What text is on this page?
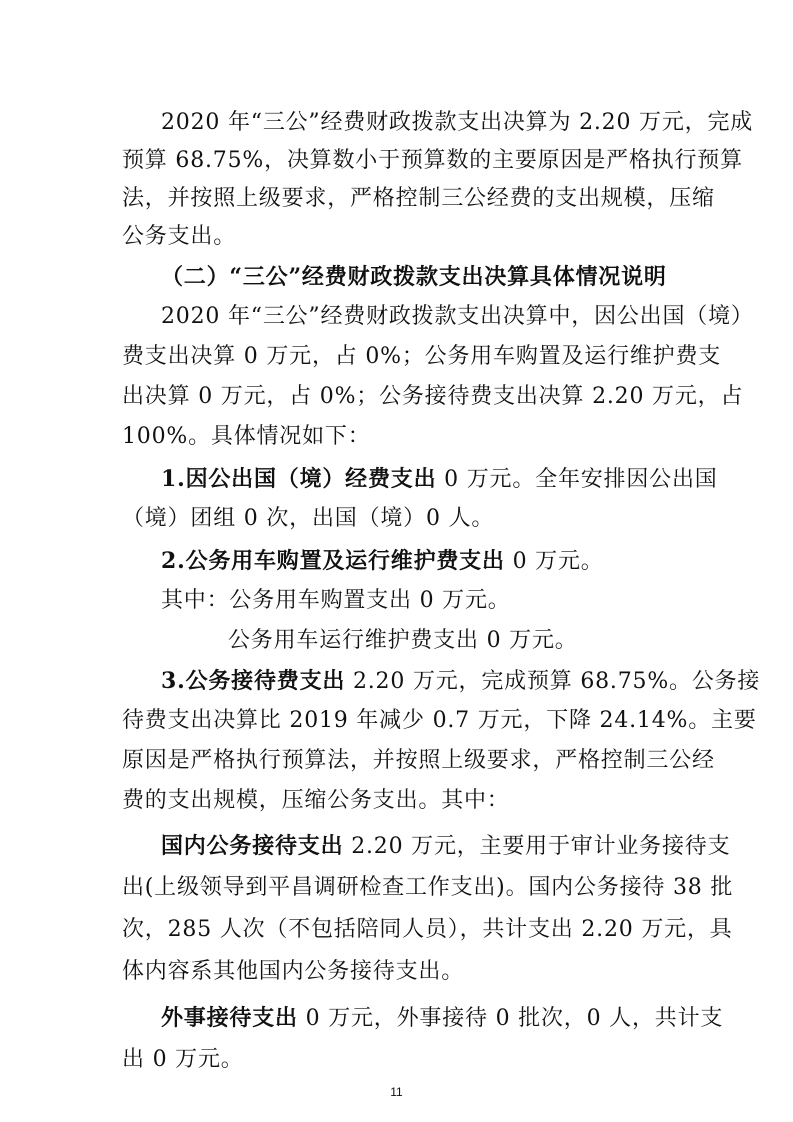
2020 年“三公”经费财政拨款支出决算为 2.20 万元，完成
预算 68.75%，决算数小于预算数的主要原因是严格执行预算
法，并按照上级要求，严格控制三公经费的支出规模，压缩
公务支出。
（二）“三公”经费财政拨款支出决算具体情况说明
2020 年“三公”经费财政拨款支出决算中，因公出国（境）
费支出决算 0 万元，占 0%；公务用车购置及运行维护费支
出决算 0 万元，占 0%；公务接待费支出决算 2.20 万元，占
100%。具体情况如下：
1.因公出国（境）经费支出 0 万元。全年安排因公出国
（境）团组 0 次，出国（境）0 人。
2.公务用车购置及运行维护费支出 0 万元。
其中：公务用车购置支出 0 万元。
公务用车运行维护费支出 0 万元。
3.公务接待费支出 2.20 万元，完成预算 68.75%。公务接
待费支出决算比 2019 年减少 0.7 万元，下降 24.14%。主要
原因是严格执行预算法，并按照上级要求，严格控制三公经
费的支出规模，压缩公务支出。其中：
国内公务接待支出 2.20 万元，主要用于审计业务接待支
出(上级领导到平昌调研检查工作支出)。国内公务接待 38 批
次，285 人次（不包括陪同人员），共计支出 2.20 万元，具
体内容系其他国内公务接待支出。
外事接待支出 0 万元，外事接待 0 批次，0 人，共计支
出 0 万元。
11
